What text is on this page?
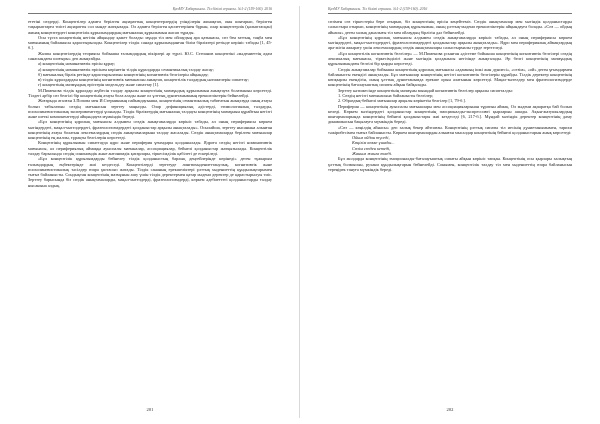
ҚазМУ Хабаршысы. Тіл білімі сериясы. №1-2 (159-160). 2016

ететіні сөздерді. Концептілер адамға берілген ақпараттық концептерлердің үзінділерін жинақтап, оны шығарып, берілген тақырыптарға тиісті ақпаратты сол мәнде жатқызады. Ол адамға берілген қасиеттерінен бұрын, олар концептерлік (қалыптасқан) жинақ концептердегі концептілік құрылымдардың мағыналық құрылымын жасап тұрады.

Осы тұста концептінің негізін айқындау қажет болады: мұнда тіл мен ойлаудың ара қатынасы, сөз бен заттың, таңба мен мағынаның байланысы қарастырылады. Концептілер тілдік санада құрылымданған білім бірліктері ретінде көрініс табады [1, 45-б.].

Жалпы концептілердің теориясы бойынша ғалымдардың пікірлері әр түрлі. Ю.С. Степанов концептіні «мәдениеттің адам санасындағы шоғыры» деп анықтайды.

а) концептінің номинативтік өрісін құрау;

ә) концептінің номинативтік өрісінен көрінетін тілдік құралдарды семантикалық талдау жасау;

б) мағыналық бірлік ретінде қарастырылатын концептінің когнитивтік белгілерін айқындау;

в) тілдік құралдардан концептінің когнитивтік мағынасын анықтап, концептілік талдаудың нәтижелерін сипаттау;

г) концептінің мазмұндық өрістерін модельдеу және сипаттау [1].

М.Пименова тілдік құралдар жүйесін талдау арқылы концептінің мазмұндық құрылымын анықтауға болатынын көрсетеді. Тілдегі әрбір сөз белгілі бір концептінің атауы бола алады және ол ұлттық дүниетанымның ерекшеліктерін бейнелейді.

Жоғарыда аталған З.Попова мен И.Стернинның пайымдауынша, концептінің семантикалық табиғатын анықтауда оның атауы болып табылатын сөздің мағынасын зерттеу маңызды. Олар дефинициялық әдістерді, этимологиялық талдауды, психолингвистикалық эксперименттерді ұсынады. Тілдік бірліктердің мағыналық талдауы концептінің мазмұнын құрайтын негізгі және шеткі компоненттерді айқындауға мүмкіндік береді.

«Бұл концептінің ядролық мағынасы алдымен сөздік анықтамаларда көрініс табады, ал оның перифериясы көркем мәтіндердегі, мақал-мәтелдердегі, фразеологизмдердегі қолданыстар арқылы анықталады». Осылайша, зерттеу нысанына алынған концептінің атауы болатын лексемалардың сөздік анықтамаларына талдау жасалады. Сөздік анықтамаларда берілген мағыналар концептінің ең жалпы, тұрақты белгілерін көрсетеді.

Концептінің құрылымын сипаттауда ядро және периферия ұғымдары қолданылады. Ядроға сөздің негізгі номинативтік мағынасы, ал перифериялық аймаққа ауыспалы мағыналар, ассоциациялар, бейнелі қолданыстар жатқызылады. Концептілік талдау барысында сөздің синонимдік және антонимдік қатарлары, тіркесімділік қабілеті де ескеріледі.

«Бұл концептілік құрылымдарды бейнелеу тілдік қолданыстың барлық деңгейлерінде көрінеді» деген тұжырым ғалымдардың еңбектерінде жиі кездеседі. Концептілерді зерттеуде лингвомәдениеттанулық, когнитивтік және психолингвистикалық тәсілдер өзара ұштасып жатады. Тілдік сананың ерекшеліктері ұлттық мәдениеттің құндылықтарымен тығыз байланысты. Сондықтан концептінің мазмұнын ашу үшін тілдік деректермен қатар мәдени деректер де қарастырылуы тиіс. Зерттеу барысында біз сөздік анықтамаларды, мақал-мәтелдерді, фразеологизмдерді, көркем әдебиеттегі қолданыстарды талдау нысанына алдық.

201
ҚазМУ Хабаршысы. Тіл білімі сериясы. №1-2 (159-160). 2016

сөзімен сөз тіркестерін бере отырып, біз концептінің өрісін кеңейтеміз. Сөздік анықтамалар мен мәтіндік қолданыстарды салыстыра отырып, концептінің мазмұндық құрылымын, оның ұлттық-мәдени ерекшеліктерін айқындауға болады. «Сөз — ойдың айнасы» деген халық даналығы тіл мен ойлаудың бірлігін дәл бейнелейді.

«Бұл концептінің ядролық мағынасы алдымен сөздік анықтамаларда көрініс табады, ал оның перифериясы көркем мәтіндердегі, мақал-мәтелдердегі, фразеологизмдердегі қолданыстар арқылы анықталады». Ядро мен перифериялық аймақтардың ара-жігін ажырату үшін лексемалардың сөздік анықтамалары салыстырмалы түрде зерттеледі.

«Бұл концептілік когнитивтік белгілер» — М.Пименова ұсынған әдістеме бойынша концептінің когнитивтік белгілері сөздің лексикалық мағынасы, тіркесімділігі және мәтіндік қолданысы негізінде анықталады. Әр белгі концептінің мазмұндық құрылымындағы белгілі бір қырды көрсетеді.

Сөздік анықтамалар бойынша концептінің ядролық мағынасы «адамның ішкі жан дүниесі», «сезім», «ой» деген ұғымдармен байланысты екендігі анықталды. Бұл мағыналар концептінің негізгі когнитивтік белгілерін құрайды. Тілдік деректер концептінің көпқырлы екендігін, оның ұлттық дүниетанымда ерекше орын алатынын көрсетеді. Мақал-мәтелдер мен фразеологизмдерде концептінің бағалауыштық сипаты айқын байқалады.

Зерттеу нәтижесінде концептінің мазмұны мынадай когнитивтік белгілер арқылы сипатталды:

1. Сөздің негізгі мағынасына байланысты белгілер;

2. Образдық-бейнелі мағыналар арқылы көрінетін белгілер [1, 79-б.].

Периферия — концептінің ауыспалы мағыналары мен ассоциацияларынан тұратын аймақ. Ол мәдени ақпаратқа бай болып келеді. Көркем мәтіндердегі қолданыстар концептінің эмоционалды-экспрессивті қырларын ашады. Ақын-жазушылардың шығармаларында концептінің бейнелі қолданыстары жиі кездеседі [6, 217-б.]. Мұндай мәтіндік деректер концептінің даму динамикасын бақылауға мүмкіндік береді.

«Сөз — көңілдің айнасы» деп халық бекер айтпаған. Концептінің ұлттық сипаты тіл иесінің дүниетанымымен, тарихи тәжірибесімен тығыз байланысты. Көркем шығармалардан алынған мысалдар концептінің бейнелі қолданыстарын анық көрсетеді:

Ойым ойдан түседі,

Көңілім көкке ұшады...

Сөзім сөзден кетеді,

Жаным жанға тиеді.

Бұл жолдарда концептінің эмоционалды-бағалауыштық сипаты айқын көрініс тапқан. Концептінің осы қырлары халықтың ұлттық болмысын, рухани құндылықтарын бейнелейді. Сонымен, концептілік талдау тіл мен мәдениеттің өзара байланысын тереңірек тануға мүмкіндік береді.

202
